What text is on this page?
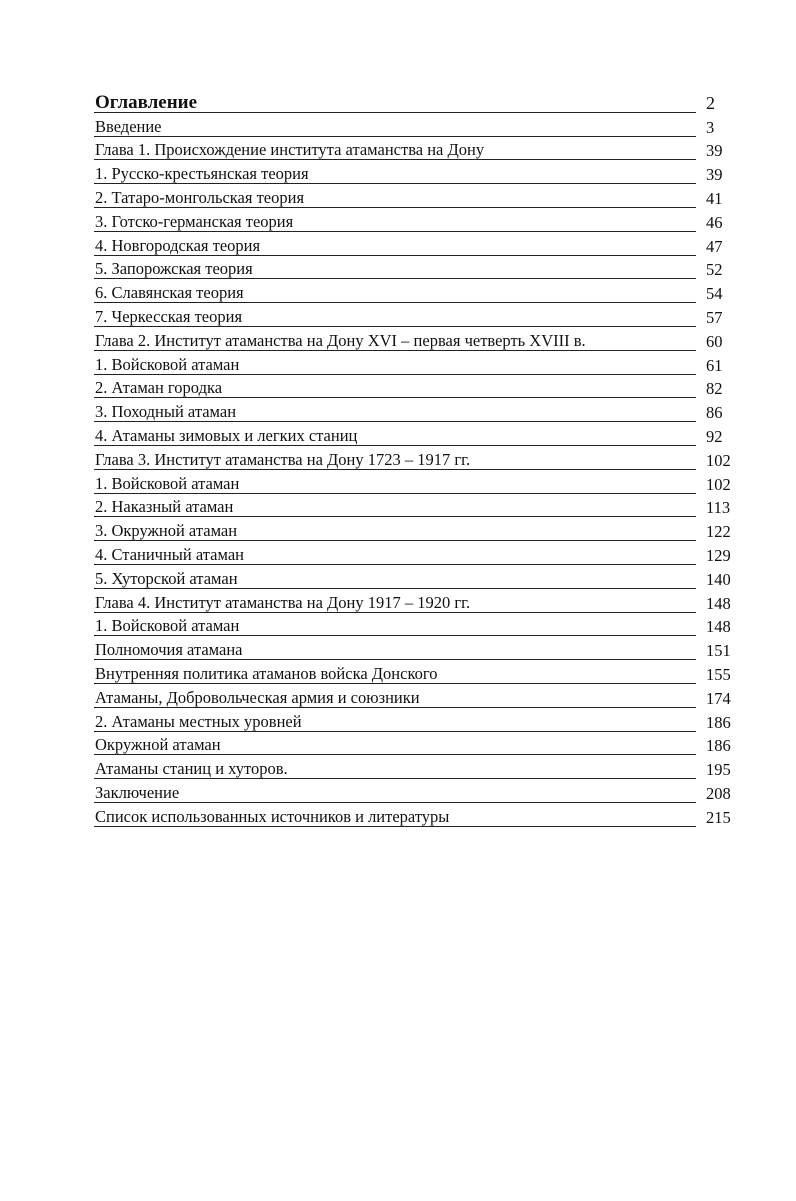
Оглавление	2
Введение	3
Глава 1. Происхождение института атаманства на Дону	39
1. Русско-крестьянская теория	39
2. Татаро-монгольская теория	41
3. Готско-германская теория	46
4. Новгородская теория	47
5. Запорожская теория	52
6. Славянская теория	54
7. Черкесская теория	57
Глава 2. Институт атаманства на Дону XVI – первая четверть XVIII в.	60
1. Войсковой атаман	61
2. Атаман городка	82
3. Походный атаман	86
4. Атаманы зимовых и легких станиц	92
Глава 3. Институт атаманства на Дону 1723 – 1917 гг.	102
1. Войсковой атаман	102
2. Наказный атаман	113
3. Окружной атаман	122
4. Станичный атаман	129
5. Хуторской атаман	140
Глава 4. Институт атаманства на Дону 1917 – 1920 гг.	148
1. Войсковой атаман	148
Полномочия атамана	151
Внутренняя политика атаманов войска Донского	155
Атаманы, Добровольческая армия и союзники	174
2. Атаманы местных уровней	186
Окружной атаман	186
Атаманы станиц и хуторов.	195
Заключение	208
Список использованных источников и литературы	215
